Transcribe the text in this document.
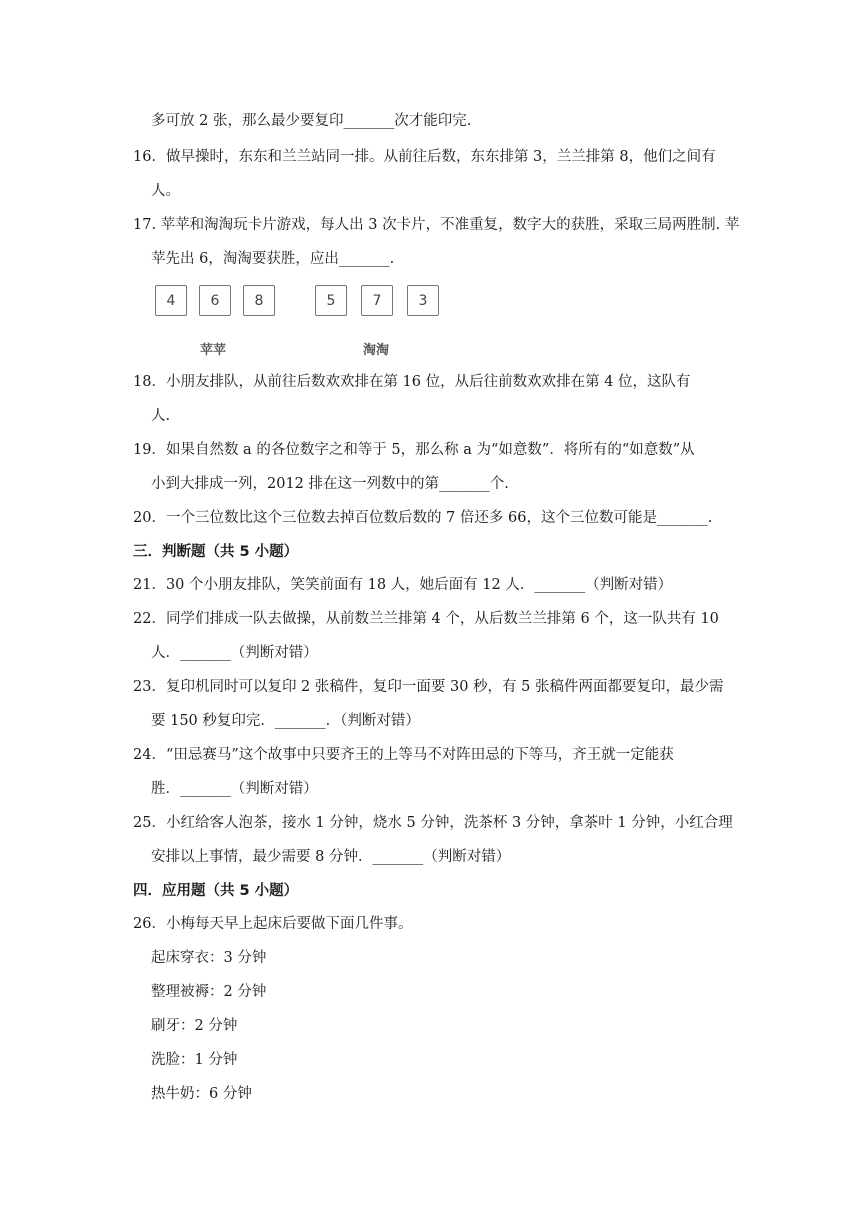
多可放 2 张，那么最少要复印_______次才能印完.
16．做早操时，东东和兰兰站同一排。从前往后数，东东排第 3，兰兰排第 8，他们之间有
人。
17. 苹苹和淘淘玩卡片游戏，每人出 3 次卡片，不准重复，数字大的获胜，采取三局两胜制. 苹
苹先出 6，淘淘要获胜，应出_______.
4	6	8	5	7	3
苹苹	淘淘
18．小朋友排队，从前往后数欢欢排在第 16 位，从后往前数欢欢排在第 4 位，这队有
人.
19．如果自然数 a 的各位数字之和等于 5，那么称 a 为“如意数”．将所有的“如意数”从
小到大排成一列，2012 排在这一列数中的第_______个.
20．一个三位数比这个三位数去掉百位数后数的 7 倍还多 66，这个三位数可能是_______.
三．判断题（共 5 小题）
21．30 个小朋友排队，笑笑前面有 18 人，她后面有 12 人．_______（判断对错）
22．同学们排成一队去做操，从前数兰兰排第 4 个，从后数兰兰排第 6 个，这一队共有 10
人．_______（判断对错）
23．复印机同时可以复印 2 张稿件，复印一面要 30 秒，有 5 张稿件两面都要复印，最少需
要 150 秒复印完．_______．（判断对错）
24．“田忌赛马”这个故事中只要齐王的上等马不对阵田忌的下等马，齐王就一定能获
胜．_______（判断对错）
25．小红给客人泡茶，接水 1 分钟，烧水 5 分钟，洗茶杯 3 分钟，拿茶叶 1 分钟，小红合理
安排以上事情，最少需要 8 分钟．_______（判断对错）
四．应用题（共 5 小题）
26．小梅每天早上起床后要做下面几件事。
起床穿衣：3 分钟
整理被褥：2 分钟
刷牙：2 分钟
洗脸：1 分钟
热牛奶：6 分钟
